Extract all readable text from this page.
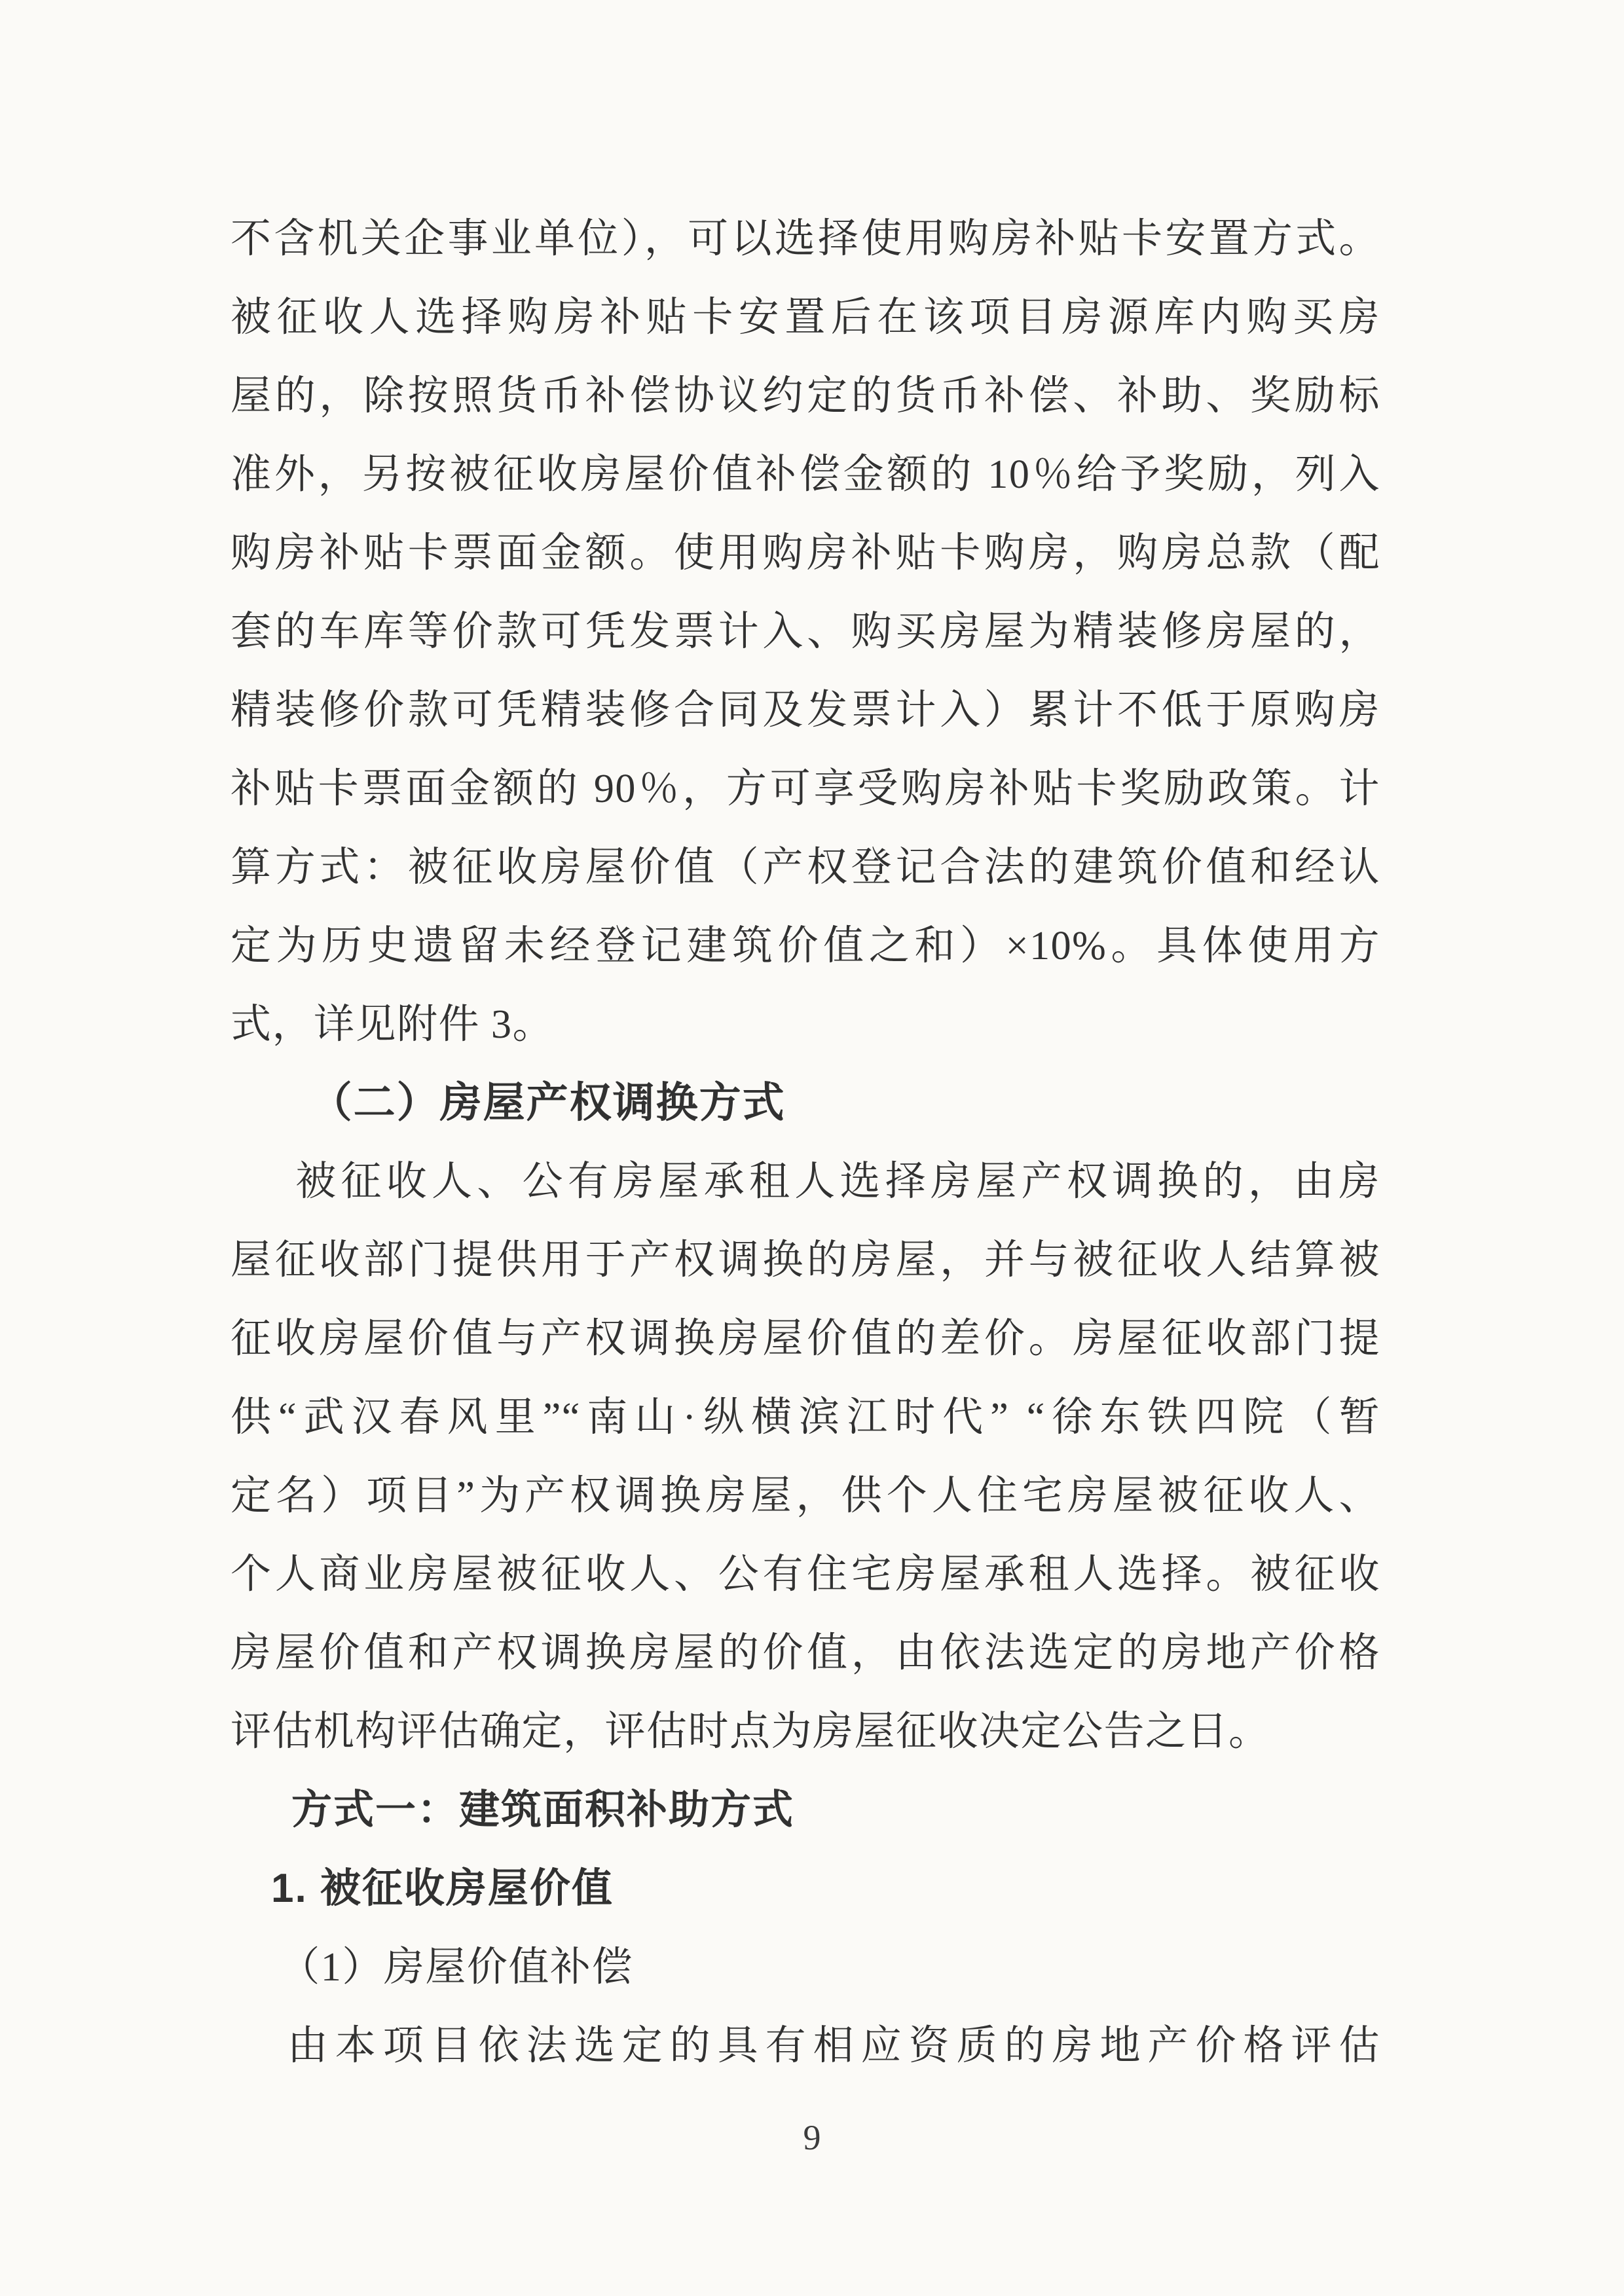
不含机关企事业单位），可以选择使用购房补贴卡安置方式。
被征收人选择购房补贴卡安置后在该项目房源库内购买房
屋的，除按照货币补偿协议约定的货币补偿、补助、奖励标
准外，另按被征收房屋价值补偿金额的 10％给予奖励，列入
购房补贴卡票面金额。使用购房补贴卡购房，购房总款（配
套的车库等价款可凭发票计入、购买房屋为精装修房屋的，
精装修价款可凭精装修合同及发票计入）累计不低于原购房
补贴卡票面金额的 90％，方可享受购房补贴卡奖励政策。计
算方式：被征收房屋价值（产权登记合法的建筑价值和经认
定为历史遗留未经登记建筑价值之和）×10%。具体使用方
式，详见附件 3。
（二）房屋产权调换方式
被征收人、公有房屋承租人选择房屋产权调换的，由房
屋征收部门提供用于产权调换的房屋，并与被征收人结算被
征收房屋价值与产权调换房屋价值的差价。房屋征收部门提
供“武汉春风里”“南山·纵横滨江时代” “徐东铁四院（暂
定名）项目”为产权调换房屋，供个人住宅房屋被征收人、
个人商业房屋被征收人、公有住宅房屋承租人选择。被征收
房屋价值和产权调换房屋的价值，由依法选定的房地产价格
评估机构评估确定，评估时点为房屋征收决定公告之日。
方式一：建筑面积补助方式
1. 被征收房屋价值
（1）房屋价值补偿
由本项目依法选定的具有相应资质的房地产价格评估
9
